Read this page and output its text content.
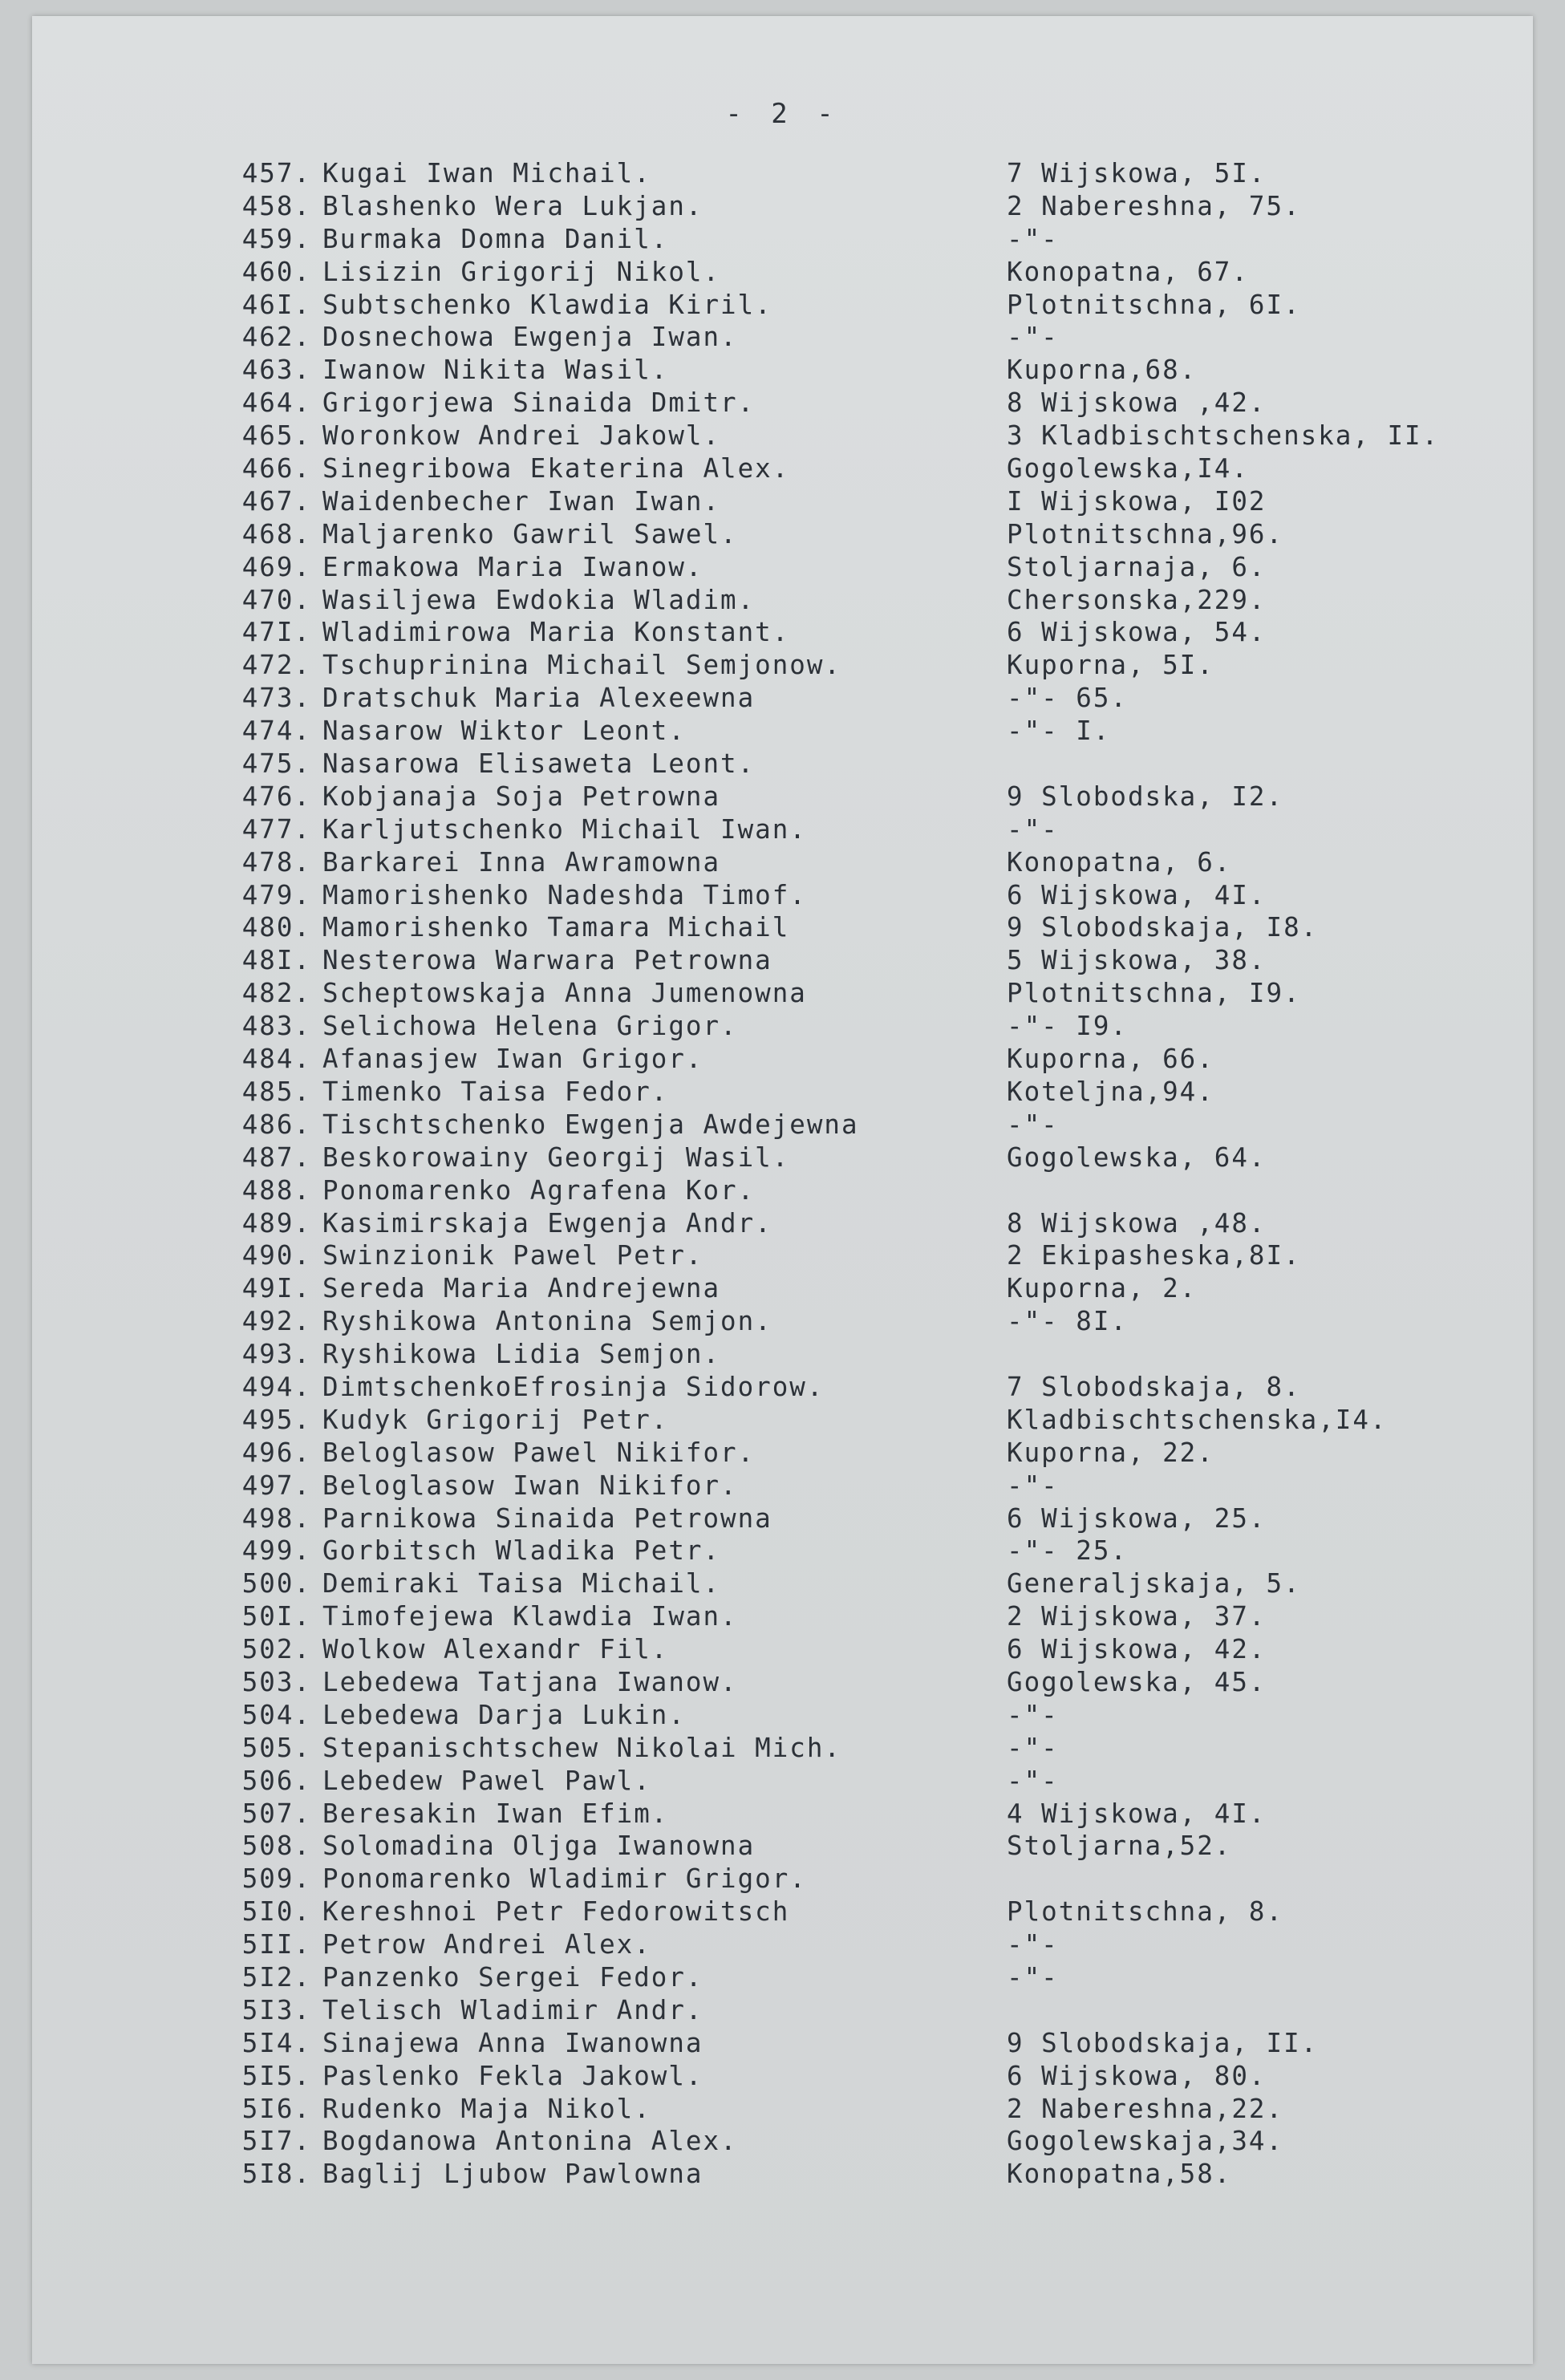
- 2 -
457. Kugai Iwan Michail.	7 Wijskowa, 5I.
458. Blashenko Wera Lukjan.	2 Nabereshna, 75.
459. Burmaka Domna Danil.	-"-
460. Lisizin Grigorij Nikol.	Konopatna, 67.
46I. Subtschenko Klawdia Kiril.	Plotnitschna, 6I.
462. Dosnechowa Ewgenja Iwan.	-"-
463. Iwanow Nikita Wasil.	Kuporna,68.
464. Grigorjewa Sinaida Dmitr.	8 Wijskowa ,42.
465. Woronkow Andrei Jakowl.	3 Kladbischtschenska, II.
466. Sinegribowa Ekaterina Alex.	Gogolewska,I4.
467. Waidenbecher Iwan Iwan.	I Wijskowa, I02
468. Maljarenko Gawril Sawel.	Plotnitschna,96.
469. Ermakowa Maria Iwanow.	Stoljarnaja, 6.
470. Wasiljewa Ewdokia Wladim.	Chersonska,229.
47I. Wladimirowa Maria Konstant.	6 Wijskowa, 54.
472. Tschuprinina Michail Semjonow.	Kuporna, 5I.
473. Dratschuk Maria Alexeewna	-"- 65.
474. Nasarow Wiktor Leont.	-"- I.
475. Nasarowa Elisaweta Leont.
476. Kobjanaja Soja Petrowna	9 Slobodska, I2.
477. Karljutschenko Michail Iwan.	-"-
478. Barkarei Inna Awramowna	Konopatna, 6.
479. Mamorishenko Nadeshda Timof.	6 Wijskowa, 4I.
480. Mamorishenko Tamara Michail	9 Slobodskaja, I8.
48I. Nesterowa Warwara Petrowna	5 Wijskowa, 38.
482. Scheptowskaja Anna Jumenowna	Plotnitschna, I9.
483. Selichowa Helena Grigor.	-"- I9.
484. Afanasjew Iwan Grigor.	Kuporna, 66.
485. Timenko Taisa Fedor.	Koteljna,94.
486. Tischtschenko Ewgenja Awdejewna	-"-
487. Beskorowainy Georgij Wasil.	Gogolewska, 64.
488. Ponomarenko Agrafena Kor.
489. Kasimirskaja Ewgenja Andr.	8 Wijskowa ,48.
490. Swinzionik Pawel Petr.	2 Ekipasheska,8I.
49I. Sereda Maria Andrejewna	Kuporna, 2.
492. Ryshikowa Antonina Semjon.	-"- 8I.
493. Ryshikowa Lidia Semjon.
494. DimtschenkoEfrosinja Sidorow.	7 Slobodskaja, 8.
495. Kudyk Grigorij Petr.	Kladbischtschenska,I4.
496. Beloglasow Pawel Nikifor.	Kuporna, 22.
497. Beloglasow Iwan Nikifor.	-"-
498. Parnikowa Sinaida Petrowna	6 Wijskowa, 25.
499. Gorbitsch Wladika Petr.	-"- 25.
500. Demiraki Taisa Michail.	Generaljskaja, 5.
50I. Timofejewa Klawdia Iwan.	2 Wijskowa, 37.
502. Wolkow Alexandr Fil.	6 Wijskowa, 42.
503. Lebedewa Tatjana Iwanow.	Gogolewska, 45.
504. Lebedewa Darja Lukin.	-"-
505. Stepanischtschew Nikolai Mich.	-"-
506. Lebedew Pawel Pawl.	-"-
507. Beresakin Iwan Efim.	4 Wijskowa, 4I.
508. Solomadina Oljga Iwanowna	Stoljarna,52.
509. Ponomarenko Wladimir Grigor.
5I0. Kereshnoi Petr Fedorowitsch	Plotnitschna, 8.
5II. Petrow Andrei Alex.	-"-
5I2. Panzenko Sergei Fedor.	-"-
5I3. Telisch Wladimir Andr.
5I4. Sinajewa Anna Iwanowna	9 Slobodskaja, II.
5I5. Paslenko Fekla Jakowl.	6 Wijskowa, 80.
5I6. Rudenko Maja Nikol.	2 Nabereshna,22.
5I7. Bogdanowa Antonina Alex.	Gogolewskaja,34.
5I8. Baglij Ljubow Pawlowna	Konopatna,58.
